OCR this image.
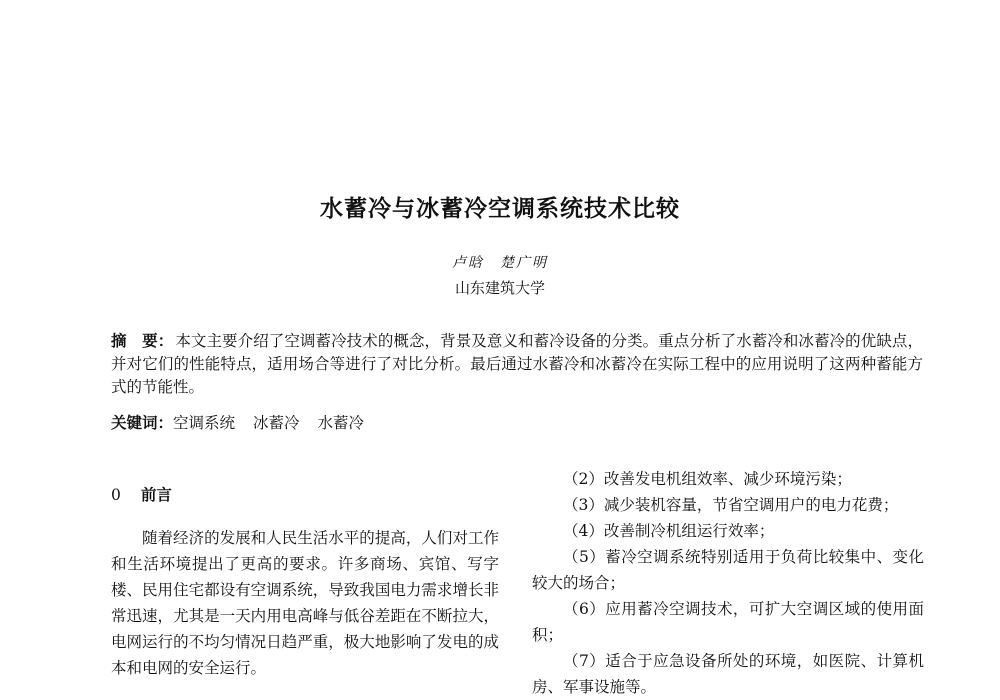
水蓄冷与冰蓄冷空调系统技术比较
卢晗　楚广明
山东建筑大学
摘　要： 本文主要介绍了空调蓄冷技术的概念，背景及意义和蓄冷设备的分类。重点分析了水蓄冷和冰蓄冷的优缺点，并对它们的性能特点，适用场合等进行了对比分析。最后通过水蓄冷和冰蓄冷在实际工程中的应用说明了这两种蓄能方式的节能性。
关键词：空调系统 冰蓄冷 水蓄冷
0 前言

随着经济的发展和人民生活水平的提高，人们对工作和生活环境提出了更高的要求。许多商场、宾馆、写字楼、民用住宅都设有空调系统，导致我国电力需求增长非常迅速，尤其是一天内用电高峰与低谷差距在不断拉大，电网运行的不均匀情况日趋严重，极大地影响了发电的成本和电网的安全运行。

（2）改善发电机组效率、减少环境污染；

（3）减少装机容量，节省空调用户的电力花费；

（4）改善制冷机组运行效率；

（5）蓄冷空调系统特别适用于负荷比较集中、变化较大的场合；

（6）应用蓄冷空调技术，可扩大空调区域的使用面积；

（7）适合于应急设备所处的环境，如医院、计算机房、军事设施等。
